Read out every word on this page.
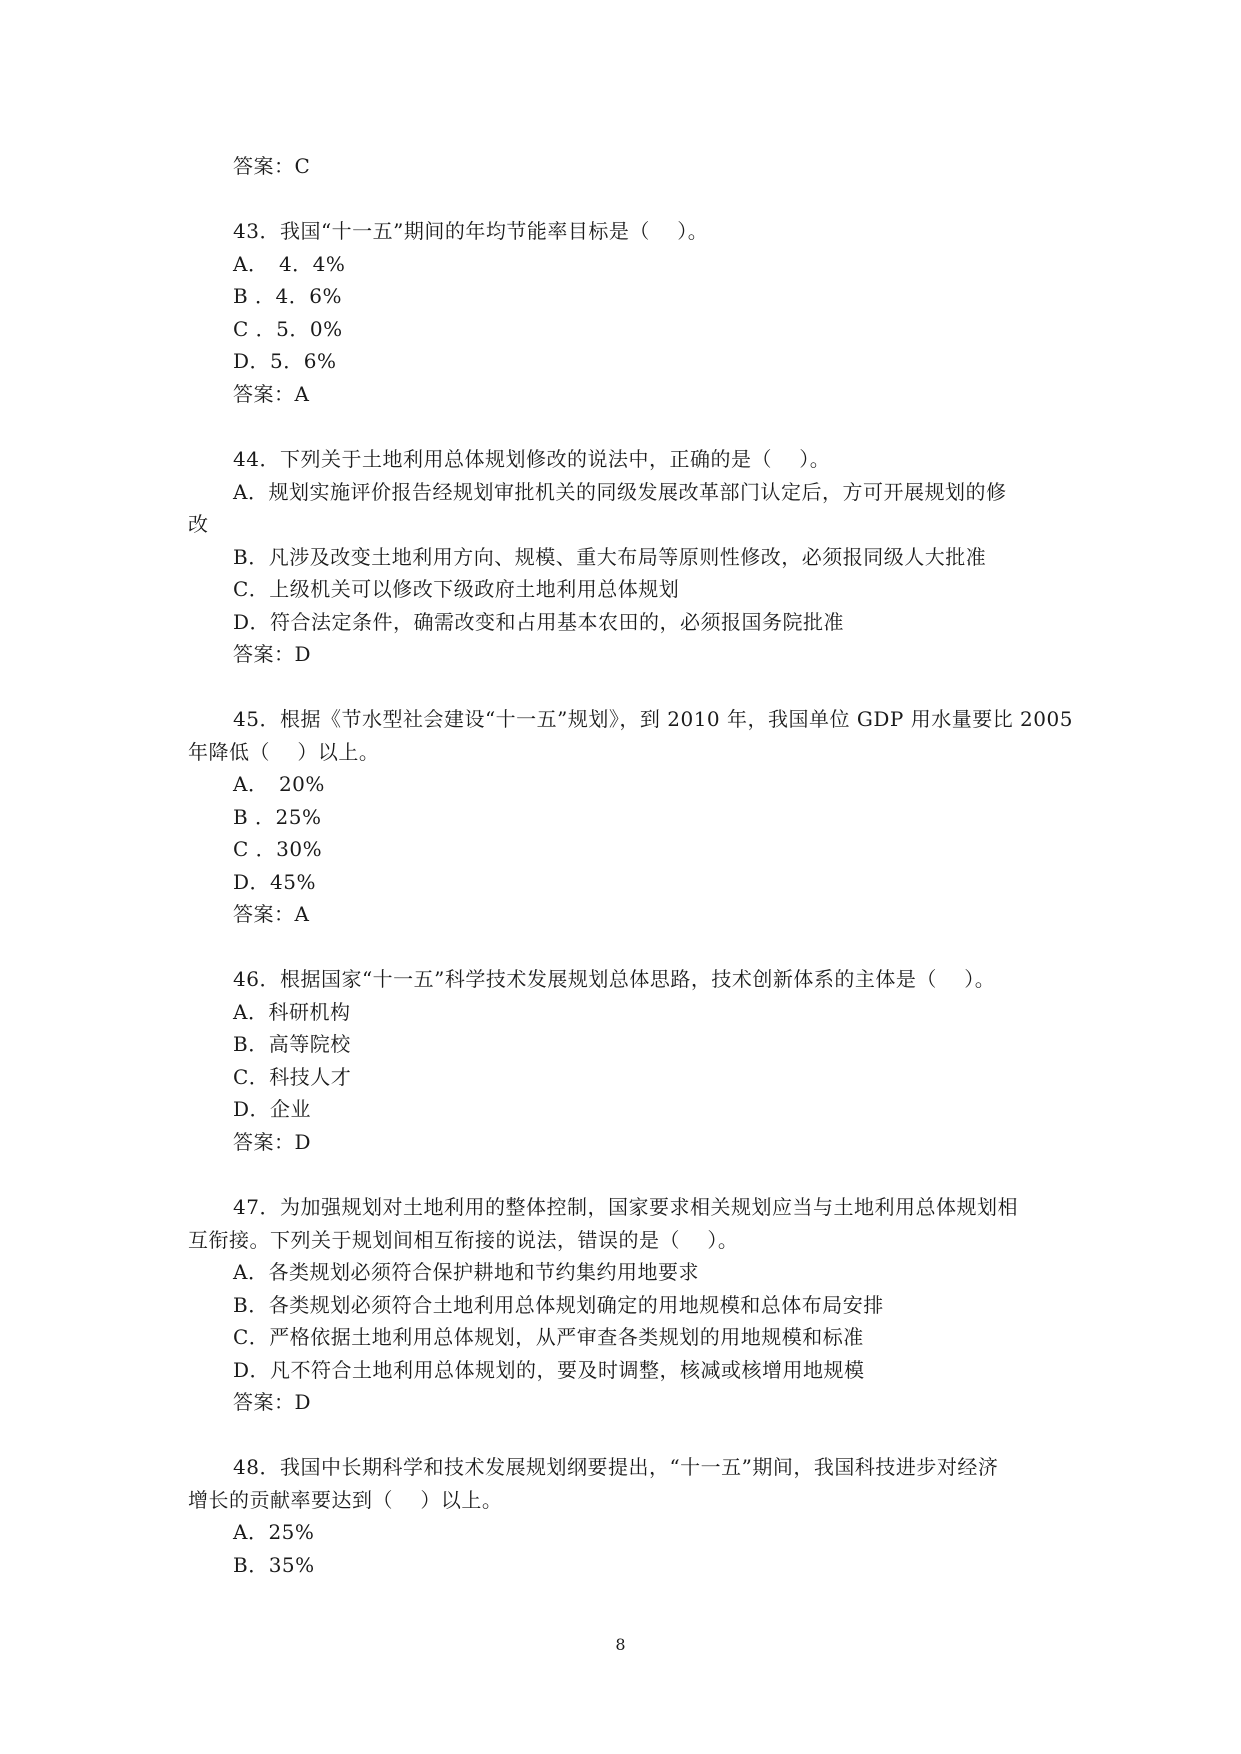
答案：C
43．我国“十一五”期间的年均节能率目标是（　 ）。
A．　4．4%
B ．4．6%
C ．5．0%
D．5．6%
答案：A
44．下列关于土地利用总体规划修改的说法中，正确的是（　 ）。
A．规划实施评价报告经规划审批机关的同级发展改革部门认定后，方可开展规划的修
改
B．凡涉及改变土地利用方向、规模、重大布局等原则性修改，必须报同级人大批准
C．上级机关可以修改下级政府土地利用总体规划
D．符合法定条件，确需改变和占用基本农田的，必须报国务院批准
答案：D
45．根据《节水型社会建设“十一五”规划》，到 2010 年，我国单位 GDP 用水量要比 2005
年降低（　 ）以上。
A．　20%
B ．25%
C ．30%
D．45%
答案：A
46．根据国家“十一五”科学技术发展规划总体思路，技术创新体系的主体是（　 ）。
A．科研机构
B．高等院校
C．科技人才
D．企业
答案：D
47．为加强规划对土地利用的整体控制，国家要求相关规划应当与土地利用总体规划相
互衔接。下列关于规划间相互衔接的说法，错误的是（　 ）。
A．各类规划必须符合保护耕地和节约集约用地要求
B．各类规划必须符合土地利用总体规划确定的用地规模和总体布局安排
C．严格依据土地利用总体规划，从严审查各类规划的用地规模和标准
D．凡不符合土地利用总体规划的，要及时调整，核减或核增用地规模
答案：D
48．我国中长期科学和技术发展规划纲要提出，“十一五”期间，我国科技进步对经济
增长的贡献率要达到（　 ）以上。
A．25%
B．35%
8
